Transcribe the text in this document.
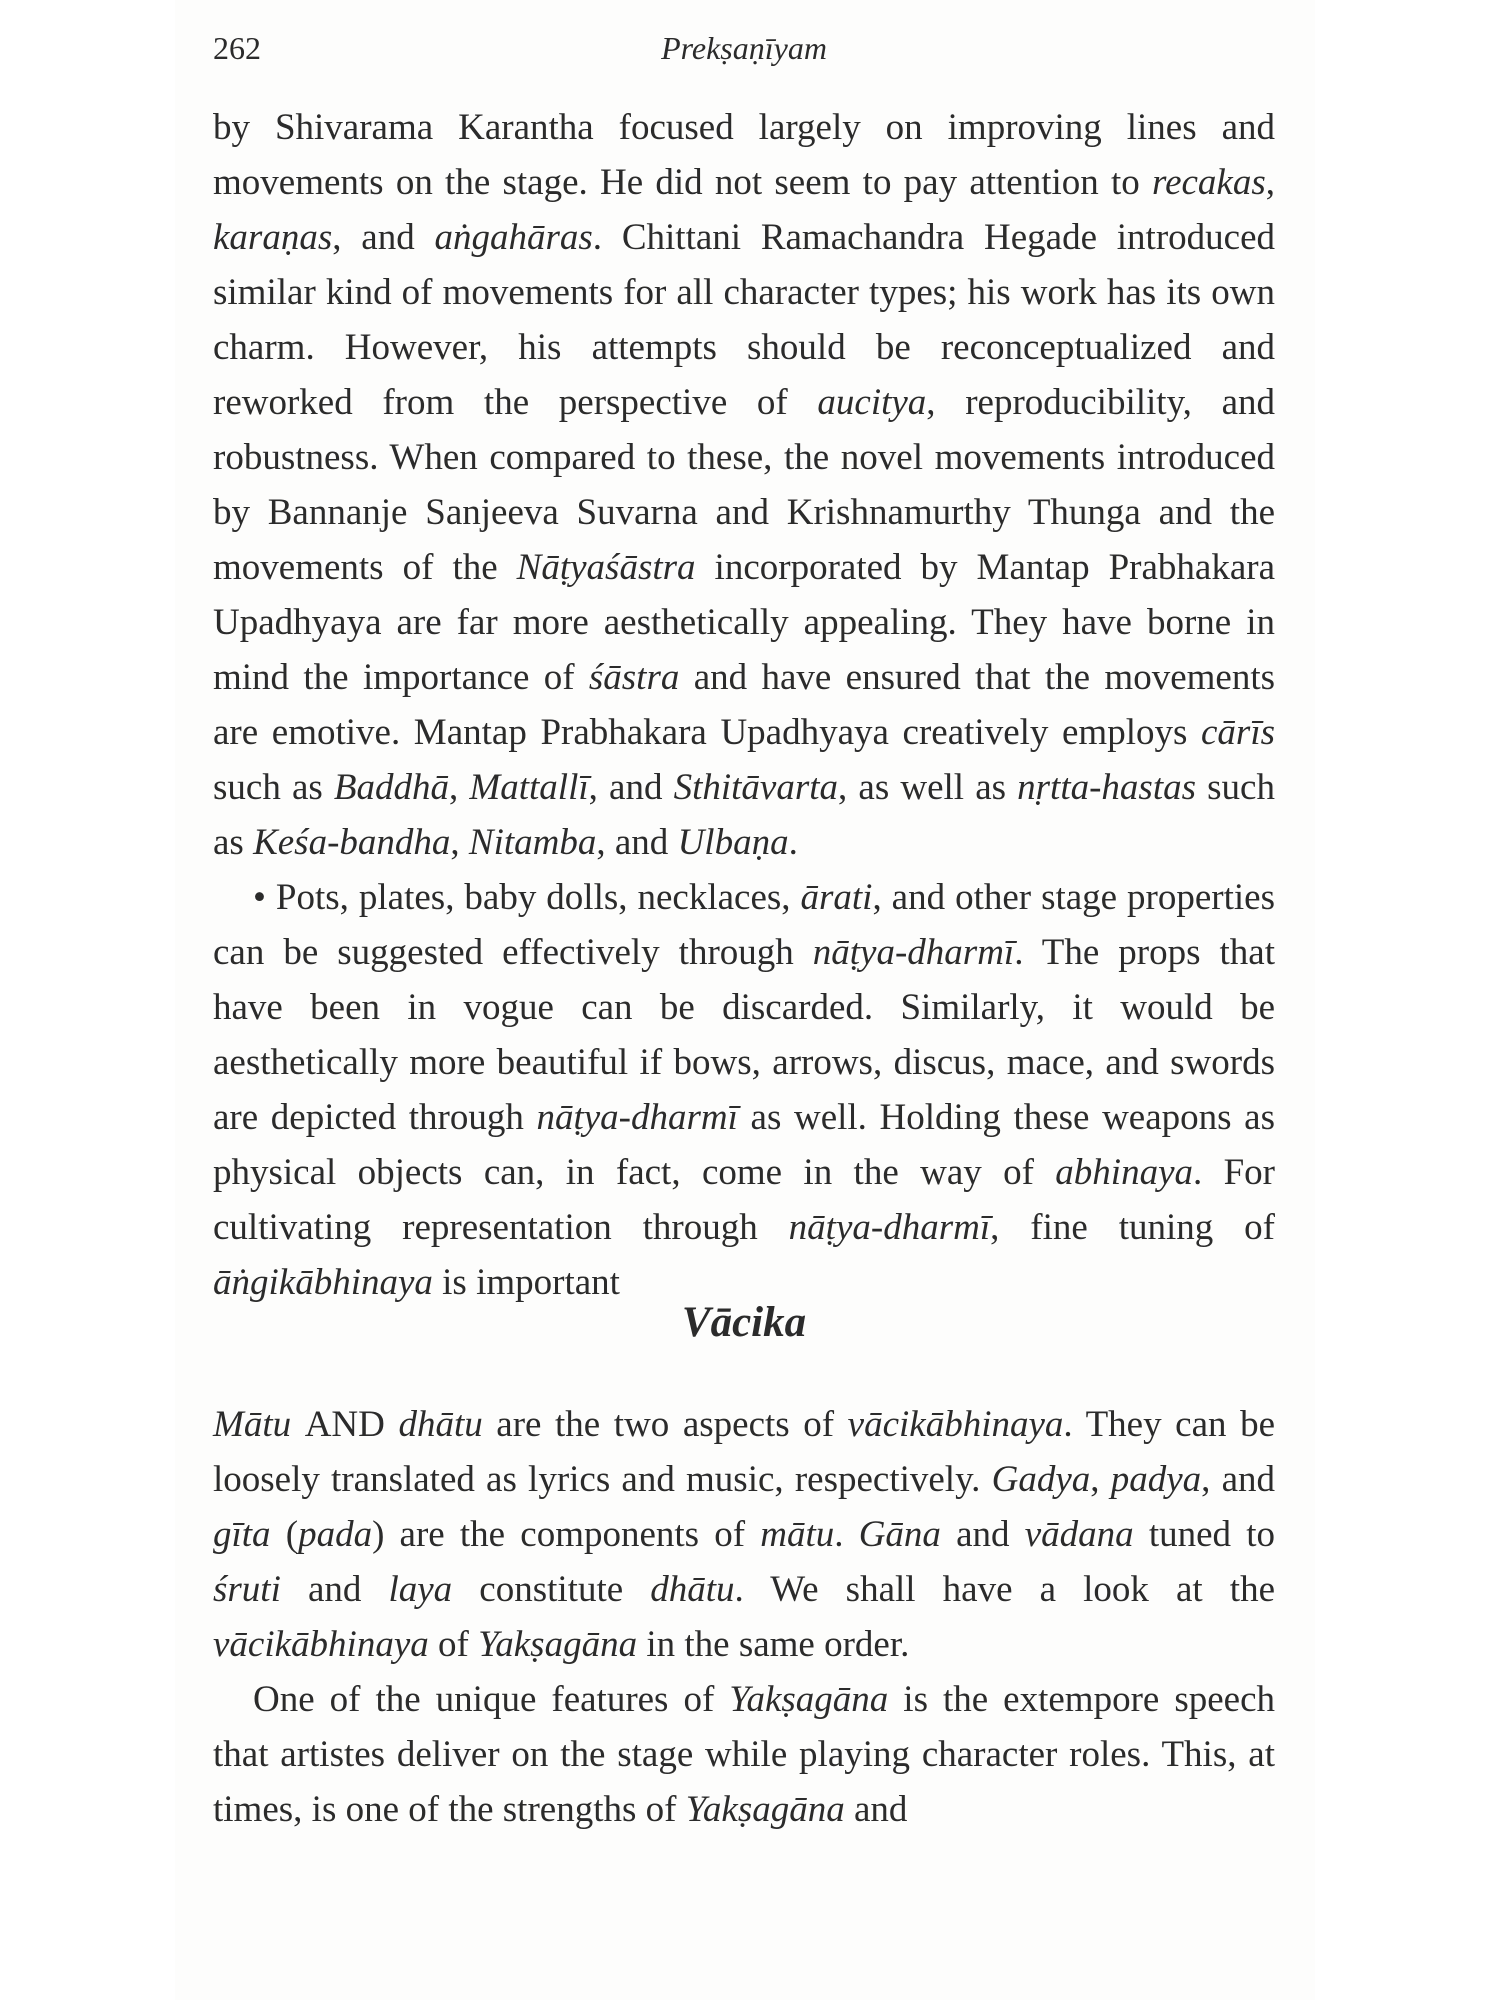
262	Prekṣaṇīyam

by Shivarama Karantha focused largely on improving lines and movements on the stage. He did not seem to pay attention to recakas, karaṇas, and aṅgahāras. Chittani Ramachandra Hegade introduced similar kind of movements for all character types; his work has its own charm. However, his attempts should be reconceptualized and reworked from the perspective of aucitya, reproducibility, and robustness. When compared to these, the novel movements introduced by Bannanje Sanjeeva Suvarna and Krishnamurthy Thunga and the movements of the Nāṭyaśāstra incorporated by Mantap Prabhakara Upadhyaya are far more aesthetically appealing. They have borne in mind the importance of śāstra and have ensured that the movements are emotive. Mantap Prabhakara Upadhyaya creatively employs cārīs such as Baddhā, Mattallī, and Sthitāvarta, as well as nṛtta-hastas such as Keśa-bandha, Nitamba, and Ulbaṇa.

• Pots, plates, baby dolls, necklaces, ārati, and other stage properties can be suggested effectively through nāṭya-dharmī. The props that have been in vogue can be discarded. Similarly, it would be aesthetically more beautiful if bows, arrows, discus, mace, and swords are depicted through nāṭya-dharmī as well. Holding these weapons as physical objects can, in fact, come in the way of abhinaya. For cultivating representation through nāṭya-dharmī, fine tuning of āṅgikābhinaya is important

Vācika

Mātu AND dhātu are the two aspects of vācikābhinaya. They can be loosely translated as lyrics and music, respectively. Gadya, padya, and gīta (pada) are the components of mātu. Gāna and vādana tuned to śruti and laya constitute dhātu. We shall have a look at the vācikābhinaya of Yakṣagāna in the same order.

One of the unique features of Yakṣagāna is the extempore speech that artistes deliver on the stage while playing character roles. This, at times, is one of the strengths of Yakṣagāna and
